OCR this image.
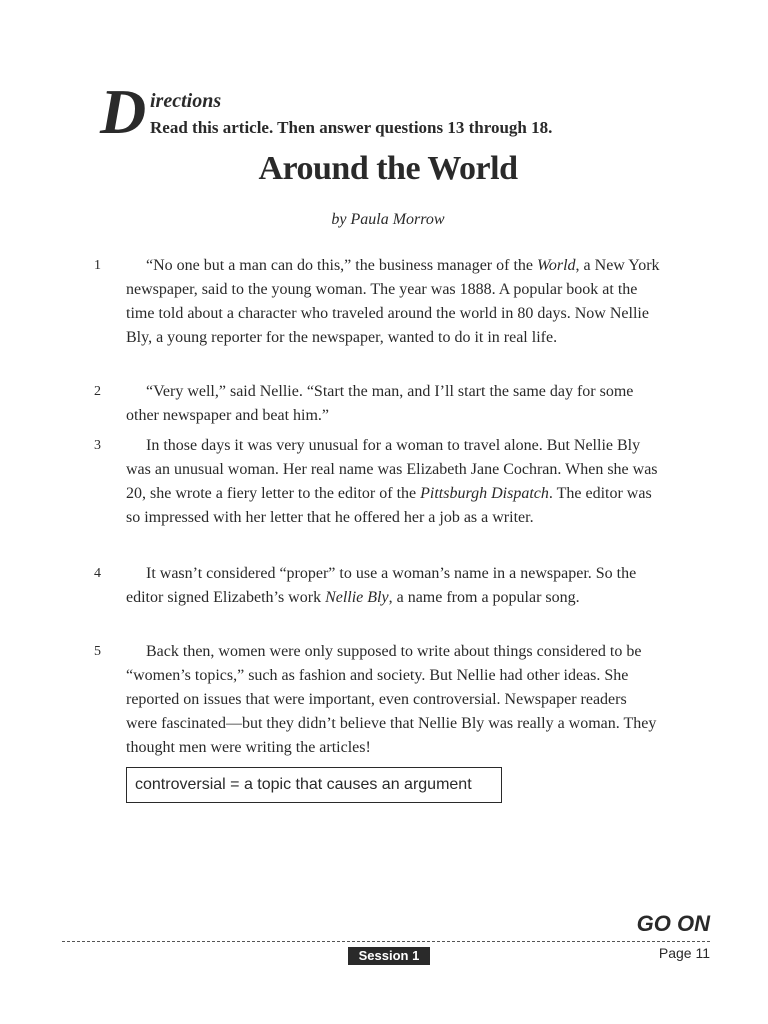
D irections
Read this article. Then answer questions 13 through 18.
Around the World
by Paula Morrow
1	“No one but a man can do this,” the business manager of the World, a New York newspaper, said to the young woman. The year was 1888. A popular book at the time told about a character who traveled around the world in 80 days. Now Nellie Bly, a young reporter for the newspaper, wanted to do it in real life.
2	“Very well,” said Nellie. “Start the man, and I’ll start the same day for some other newspaper and beat him.”
3	In those days it was very unusual for a woman to travel alone. But Nellie Bly was an unusual woman. Her real name was Elizabeth Jane Cochran. When she was 20, she wrote a fiery letter to the editor of the Pittsburgh Dispatch. The editor was so impressed with her letter that he offered her a job as a writer.
4	It wasn’t considered “proper” to use a woman’s name in a newspaper. So the editor signed Elizabeth’s work Nellie Bly, a name from a popular song.
5	Back then, women were only supposed to write about things considered to be “women’s topics,” such as fashion and society. But Nellie had other ideas. She reported on issues that were important, even controversial. Newspaper readers were fascinated—but they didn’t believe that Nellie Bly was really a woman. They thought men were writing the articles!
controversial = a topic that causes an argument
GO ON
Session 1	Page 11
